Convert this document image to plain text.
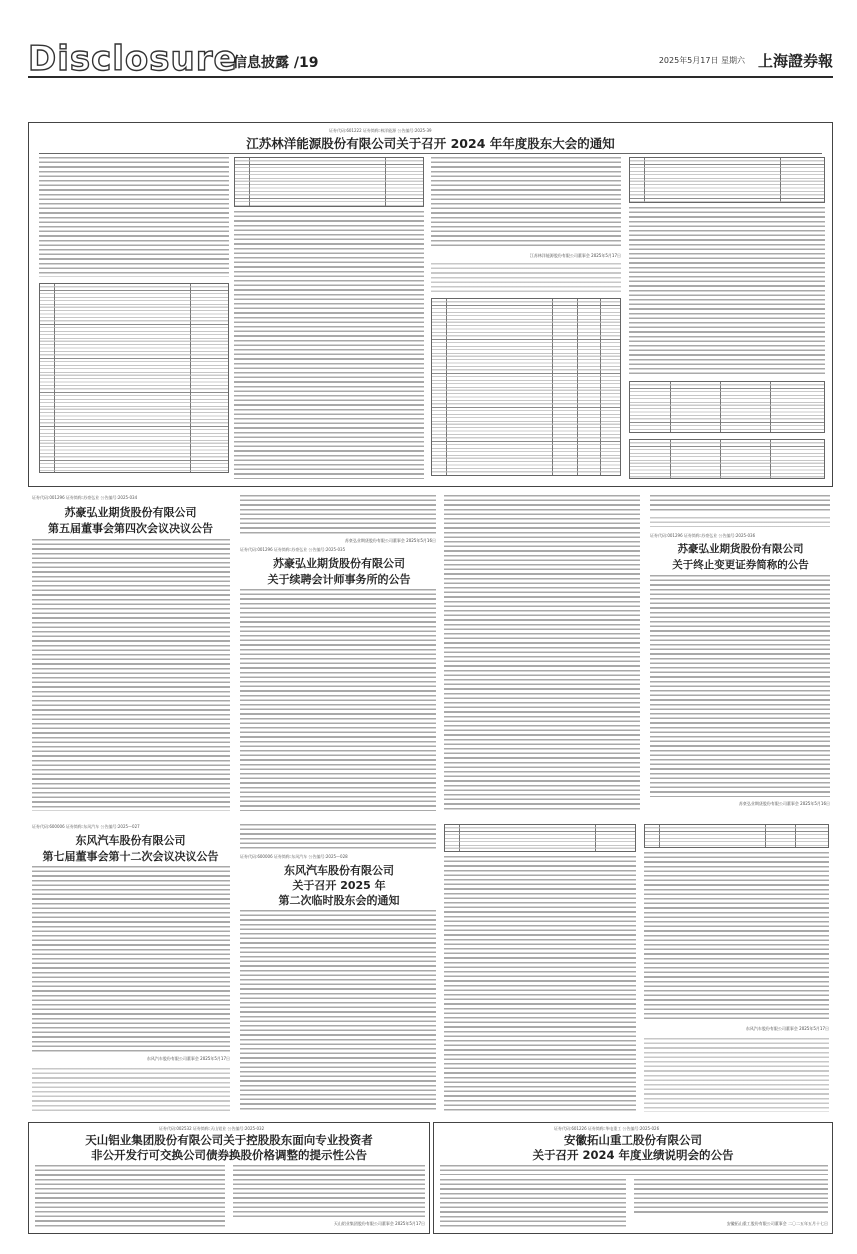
Disclosure
信息披露 /19	2025年5月17日 星期六 上海證券報
证券代码:601222 证券简称:林洋能源 公告编号:2025-39
江苏林洋能源股份有限公司关于召开 2024 年年度股东大会的通知
江苏林洋能源股份有限公司董事会 2025年5月17日
证券代码:001296 证券简称:苏豪弘业 公告编号:2025-034
苏豪弘业期货股份有限公司
第五届董事会第四次会议决议公告
苏豪弘业期货股份有限公司董事会 2025年5月16日
证券代码:001296 证券简称:苏豪弘业 公告编号:2025-035
苏豪弘业期货股份有限公司
关于续聘会计师事务所的公告
证券代码:001296 证券简称:苏豪弘业 公告编号:2025-036
苏豪弘业期货股份有限公司
关于终止变更证券简称的公告
苏豪弘业期货股份有限公司董事会 2025年5月16日
证券代码:600006 证券简称:东风汽车 公告编号:2025—027
东风汽车股份有限公司
第七届董事会第十二次会议决议公告
东风汽车股份有限公司董事会 2025年5月17日
证券代码:600006 证券简称:东风汽车 公告编号:2025—028
东风汽车股份有限公司
关于召开 2025 年
第二次临时股东会的通知
东风汽车股份有限公司董事会 2025年5月17日
证券代码:002532 证券简称:天山铝业 公告编号:2025-032
天山铝业集团股份有限公司关于控股股东面向专业投资者
非公开发行可交换公司债券换股价格调整的提示性公告
天山铝业集团股份有限公司董事会 2025年5月17日
证券代码:601226 证券简称:华电重工 公告编号:2025-026
安徽拓山重工股份有限公司
关于召开 2024 年度业绩说明会的公告
安徽拓山重工股份有限公司董事会 二〇二五年五月十七日
